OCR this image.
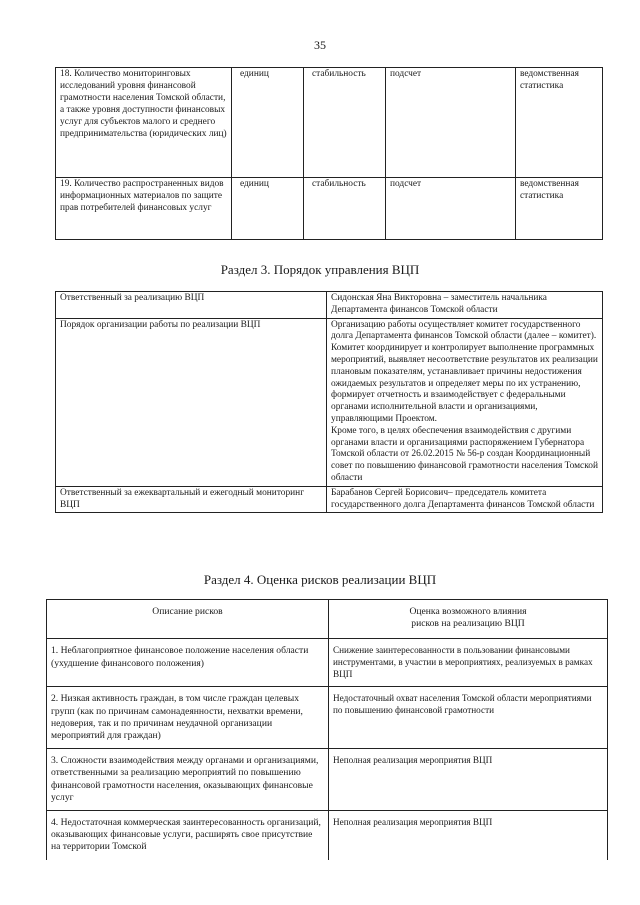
35
18. Количество мониторинговых исследований уровня финансовой грамотности населения Томской области, а также уровня доступности финансовых услуг для субъектов малого и среднего предпринимательства (юридических лиц)	единиц	стабильность	подсчет	ведомственная статистика
19. Количество распространенных видов информационных материалов по защите прав потребителей финансовых услуг	единиц	стабильность	подсчет	ведомственная статистика
Раздел 3. Порядок управления ВЦП
Ответственный за реализацию ВЦП	Сидонская Яна Викторовна – заместитель начальника Департамента финансов Томской области
Порядок организации работы по реализации ВЦП	Организацию работы осуществляет комитет государственного долга Департамента финансов Томской области (далее – комитет). Комитет координирует и контролирует выполнение программных мероприятий, выявляет несоответствие результатов их реализации плановым показателям, устанавливает причины недостижения ожидаемых результатов и определяет меры по их устранению, формирует отчетность и взаимодействует с федеральными органами исполнительной власти и организациями, управляющими Проектом.
Кроме того, в целях обеспечения взаимодействия с другими органами власти и организациями распоряжением Губернатора Томской области от 26.02.2015 № 56-р создан Координационный совет по повышению финансовой грамотности населения Томской области

Ответственный за ежеквартальный и ежегодный мониторинг ВЦП	Барабанов Сергей Борисович– председатель комитета государственного долга Департамента финансов Томской области
Раздел 4. Оценка рисков реализации ВЦП
Описание рисков	Оценка возможного влияния
рисков на реализацию ВЦП

1. Неблагоприятное финансовое положение населения области (ухудшение финансового положения)	Снижение заинтересованности в пользовании финансовыми инструментами, в участии в мероприятиях, реализуемых в рамках ВЦП
2. Низкая активность граждан, в том числе граждан целевых групп (как по причинам самонадеянности, нехватки времени, недоверия, так и по причинам неудачной организации мероприятий для граждан)	Недостаточный охват населения Томской области мероприятиями по повышению финансовой грамотности
3. Сложности взаимодействия между органами и организациями, ответственными за реализацию мероприятий по повышению финансовой грамотности населения, оказывающих финансовые услуг	Неполная реализация мероприятия ВЦП
4. Недостаточная коммерческая заинтересованность организаций, оказывающих финансовые услуги, расширять свое присутствие на территории Томской	Неполная реализация мероприятия ВЦП
